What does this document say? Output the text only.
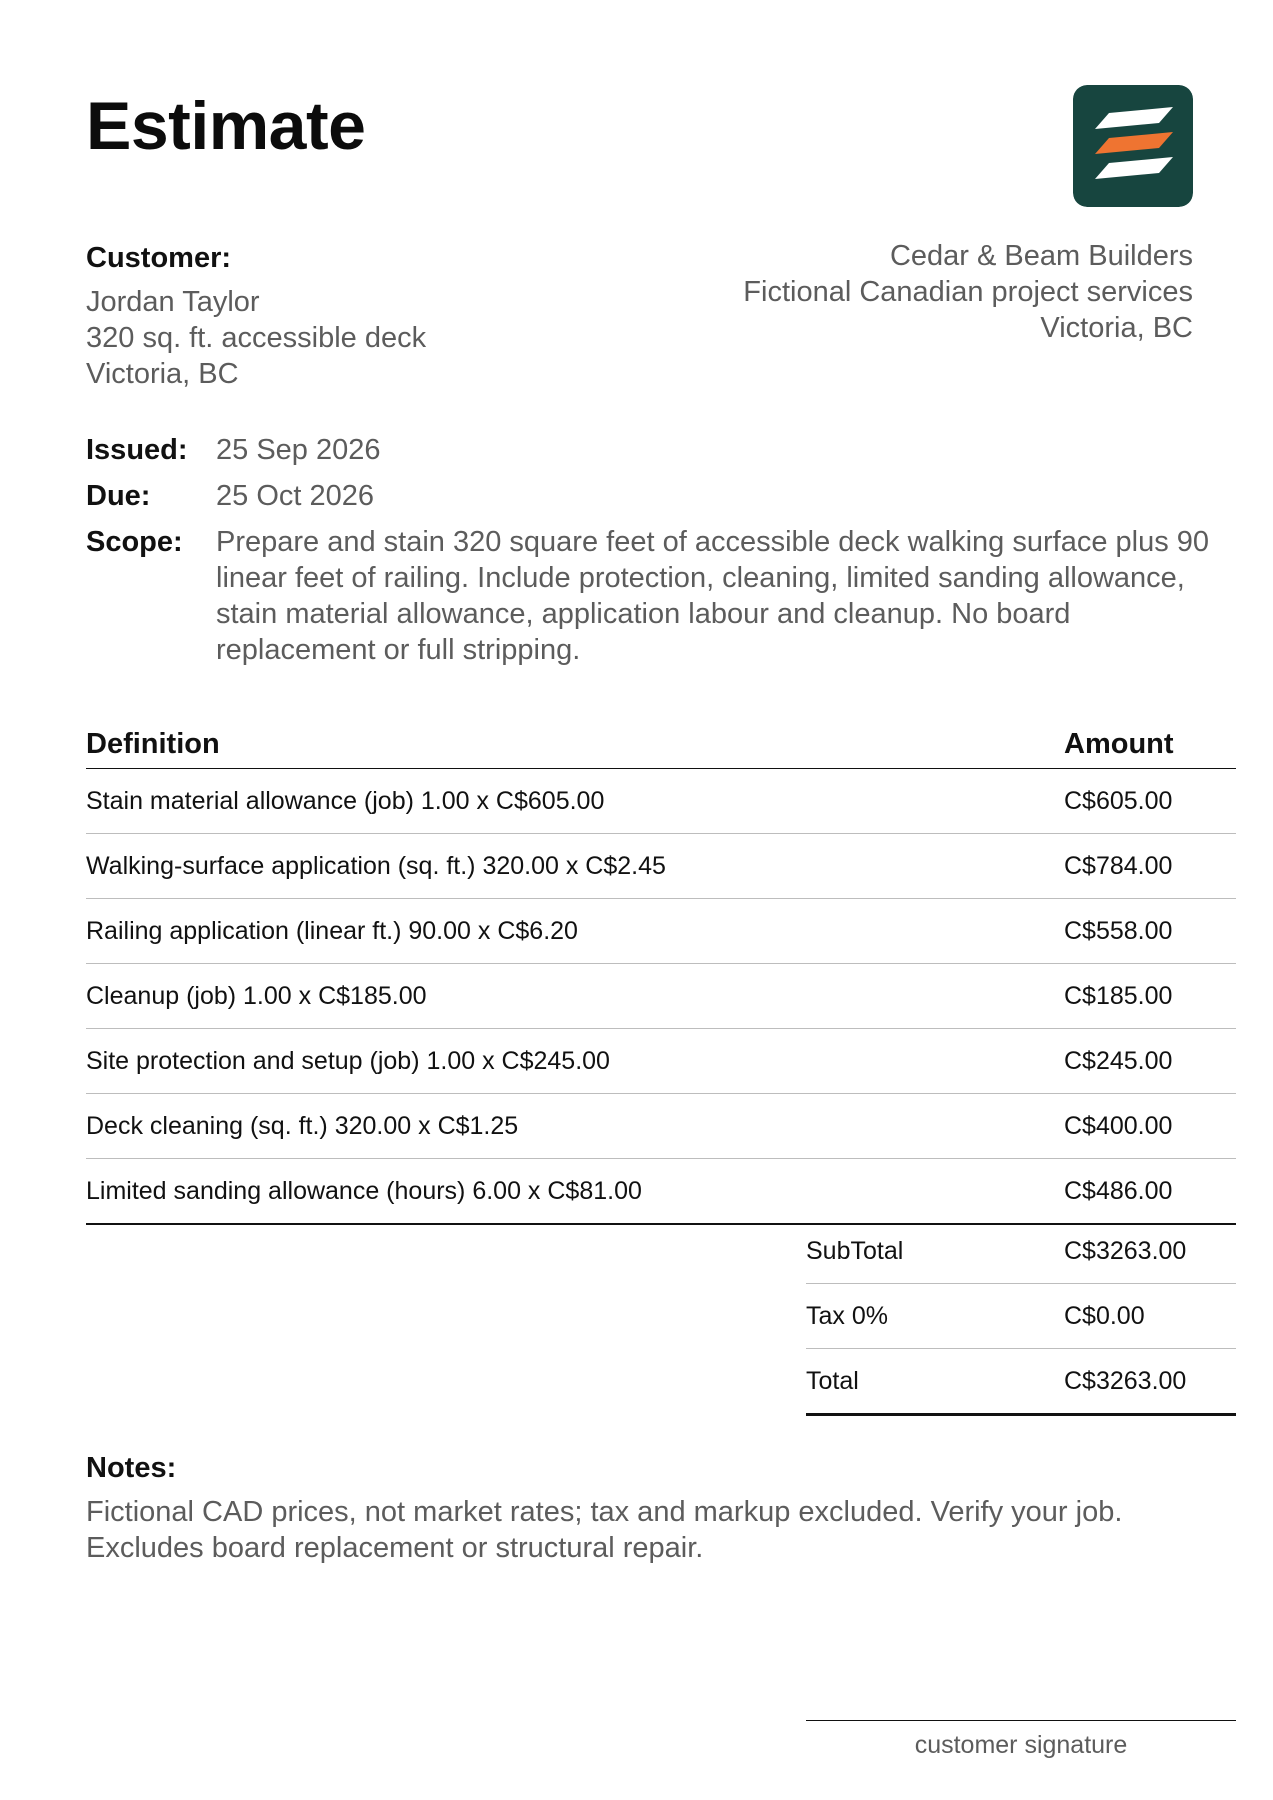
Estimate
Customer:
Jordan Taylor
320 sq. ft. accessible deck
Victoria, BC
Cedar & Beam Builders
Fictional Canadian project services
Victoria, BC
Issued: 25 Sep 2026
Due:	25 Oct 2026
Scope:	Prepare and stain 320 square feet of accessible deck walking surface plus 90 linear feet of railing. Include protection, cleaning, limited sanding allowance, stain material allowance, application labour and cleanup. No board replacement or full stripping.
Definition	Amount
Stain material allowance (job) 1.00 x C$605.00	C$605.00
Walking-surface application (sq. ft.) 320.00 x C$2.45	C$784.00
Railing application (linear ft.) 90.00 x C$6.20	C$558.00
Cleanup (job) 1.00 x C$185.00	C$185.00
Site protection and setup (job) 1.00 x C$245.00	C$245.00
Deck cleaning (sq. ft.) 320.00 x C$1.25	C$400.00
Limited sanding allowance (hours) 6.00 x C$81.00	C$486.00
SubTotal	C$3263.00
Tax 0%	C$0.00
Total	C$3263.00
Notes:
Fictional CAD prices, not market rates; tax and markup excluded. Verify your job. Excludes board replacement or structural repair.
customer signature
